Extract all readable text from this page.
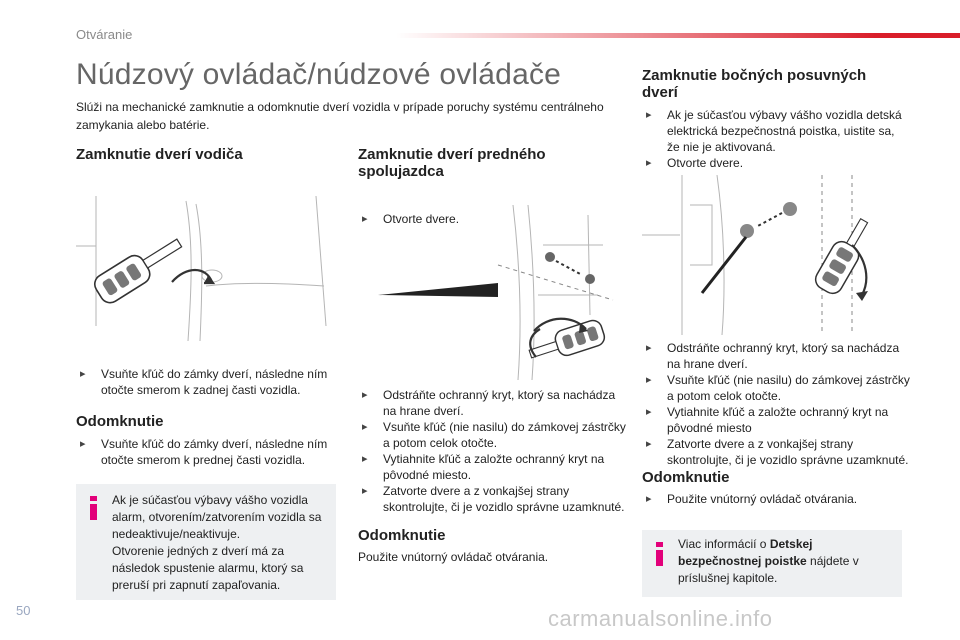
Otváranie
Núdzový ovládač/núdzové ovládače
Slúži na mechanické zamknutie a odomknutie dverí vozidla v prípade poruchy systému centrálneho zamykania alebo batérie.
Zamknutie dverí vodiča
▸ Vsuňte kľúč do zámky dverí, následne ním otočte smerom k zadnej časti vozidla.
Odomknutie
▸ Vsuňte kľúč do zámky dverí, následne ním otočte smerom k prednej časti vozidla.
Ak je súčasťou výbavy vášho vozidla
alarm, otvorením/zatvorením vozidla sa
nedeaktivuje/neaktivuje.
Otvorenie jedných z dverí má za
následok spustenie alarmu, ktorý sa
preruší pri zapnutí zapaľovania.
Zamknutie dverí predného
spolujazdca
▸ Otvorte dvere.
▸ Odstráňte ochranný kryt, ktorý sa nachádza na hrane dverí.
▸ Vsuňte kľúč (nie nasilu) do zámkovej zástrčky a potom celok otočte.
▸ Vytiahnite kľúč a založte ochranný kryt na pôvodné miesto.
▸ Zatvorte dvere a z vonkajšej strany skontrolujte, či je vozidlo správne uzamknuté.
Odomknutie
Použite vnútorný ovládač otvárania.
Zamknutie bočných posuvných
dverí
▸ Ak je súčasťou výbavy vášho vozidla detská elektrická bezpečnostná poistka, uistite sa, že nie je aktivovaná.
▸ Otvorte dvere.
▸ Odstráňte ochranný kryt, ktorý sa nachádza na hrane dverí.
▸ Vsuňte kľúč (nie nasilu) do zámkovej zástrčky a potom celok otočte.
▸ Vytiahnite kľúč a založte ochranný kryt na pôvodné miesto
▸ Zatvorte dvere a z vonkajšej strany skontrolujte, či je vozidlo správne uzamknuté.
Odomknutie
▸ Použite vnútorný ovládač otvárania.
Viac informácií o Detskej
bezpečnostnej poistke nájdete v
príslušnej kapitole.
50	carmanualsonline.info
